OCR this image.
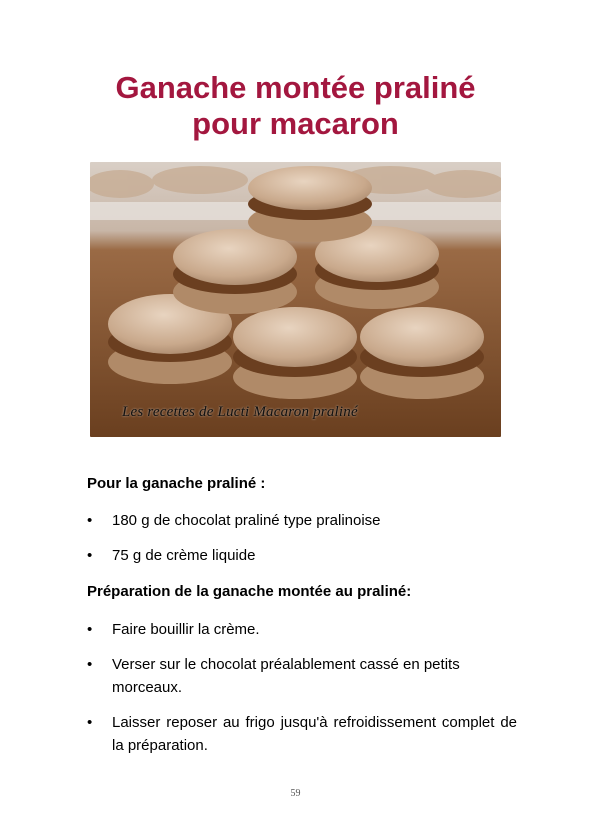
Ganache montée praliné
pour macaron
Les recettes de Lucti Macaron praliné
Pour la ganache praliné :
• 180 g de chocolat praliné type pralinoise
• 75 g de crème liquide
Préparation de la ganache montée au praliné:
• Faire bouillir la crème.
• Verser sur le chocolat préalablement cassé en petits morceaux.
• Laisser reposer au frigo jusqu'à refroidissement complet de la préparation.
59
